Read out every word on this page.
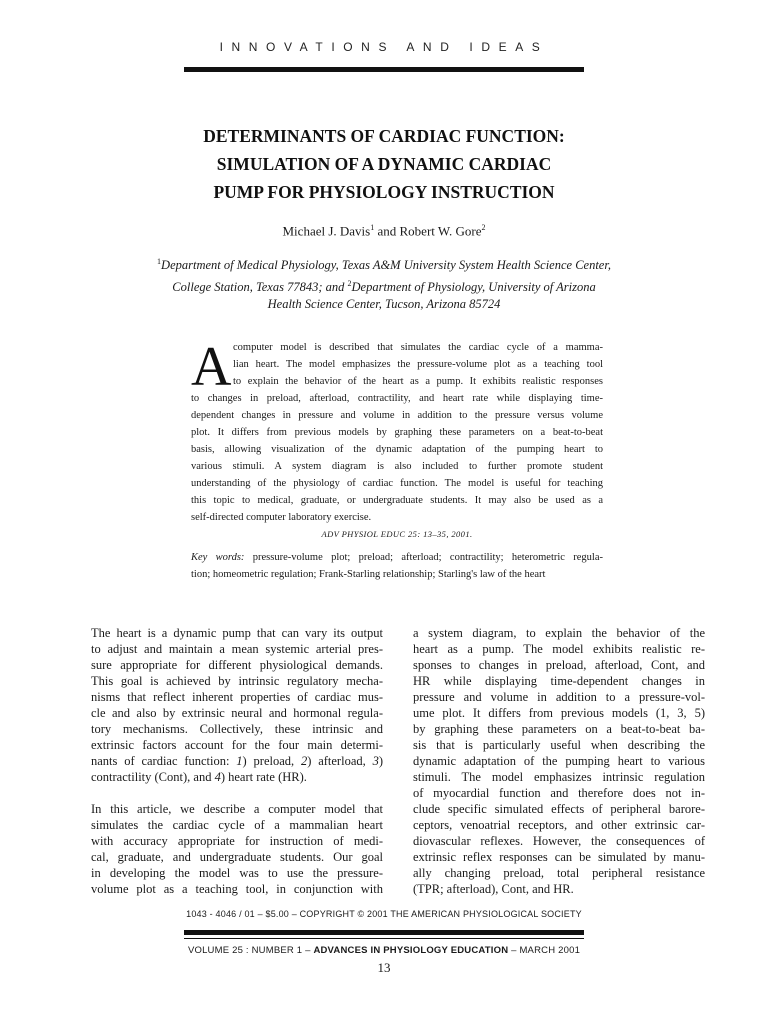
INNOVATIONS AND IDEAS
DETERMINANTS OF CARDIAC FUNCTION:
SIMULATION OF A DYNAMIC CARDIAC
PUMP FOR PHYSIOLOGY INSTRUCTION
Michael J. Davis$^1$ and Robert W. Gore$^2$
$^1$Department of Medical Physiology, Texas A&M University System Health Science Center,
College Station, Texas 77843; and $^2$Department of Physiology, University of Arizona
Health Science Center, Tucson, Arizona 85724
A computer model is described that simulates the cardiac cycle of a mamma-
lian heart. The model emphasizes the pressure-volume plot as a teaching tool
to explain the behavior of the heart as a pump. It exhibits realistic responses
to changes in preload, afterload, contractility, and heart rate while displaying time-
dependent changes in pressure and volume in addition to the pressure versus volume
plot. It differs from previous models by graphing these parameters on a beat-to-beat
basis, allowing visualization of the dynamic adaptation of the pumping heart to
various stimuli. A system diagram is also included to further promote student
understanding of the physiology of cardiac function. The model is useful for teaching
this topic to medical, graduate, or undergraduate students. It may also be used as a
self-directed computer laboratory exercise.
ADV PHYSIOL EDUC 25: 13–35, 2001.
Key words: pressure-volume plot; preload; afterload; contractility; heterometric regula-
tion; homeometric regulation; Frank-Starling relationship; Starling's law of the heart
The heart is a dynamic pump that can vary its output
to adjust and maintain a mean systemic arterial pres-
sure appropriate for different physiological demands.
This goal is achieved by intrinsic regulatory mecha-
nisms that reflect inherent properties of cardiac mus-
cle and also by extrinsic neural and hormonal regula-
tory mechanisms. Collectively, these intrinsic and
extrinsic factors account for the four main determi-
nants of cardiac function: 1) preload, 2) afterload, 3)
contractility (Cont), and 4) heart rate (HR).
In this article, we describe a computer model that
simulates the cardiac cycle of a mammalian heart
with accuracy appropriate for instruction of medi-
cal, graduate, and undergraduate students. Our goal
in developing the model was to use the pressure-
volume plot as a teaching tool, in conjunction with
a system diagram, to explain the behavior of the
heart as a pump. The model exhibits realistic re-
sponses to changes in preload, afterload, Cont, and
HR while displaying time-dependent changes in
pressure and volume in addition to a pressure-vol-
ume plot. It differs from previous models (1, 3, 5)
by graphing these parameters on a beat-to-beat ba-
sis that is particularly useful when describing the
dynamic adaptation of the pumping heart to various
stimuli. The model emphasizes intrinsic regulation
of myocardial function and therefore does not in-
clude specific simulated effects of peripheral barore-
ceptors, venoatrial receptors, and other extrinsic car-
diovascular reflexes. However, the consequences of
extrinsic reflex responses can be simulated by manu-
ally changing preload, total peripheral resistance
(TPR; afterload), Cont, and HR.
1043 - 4046 / 01 – $5.00 – COPYRIGHT © 2001 THE AMERICAN PHYSIOLOGICAL SOCIETY
VOLUME 25 : NUMBER 1 – ADVANCES IN PHYSIOLOGY EDUCATION – MARCH 2001
13
